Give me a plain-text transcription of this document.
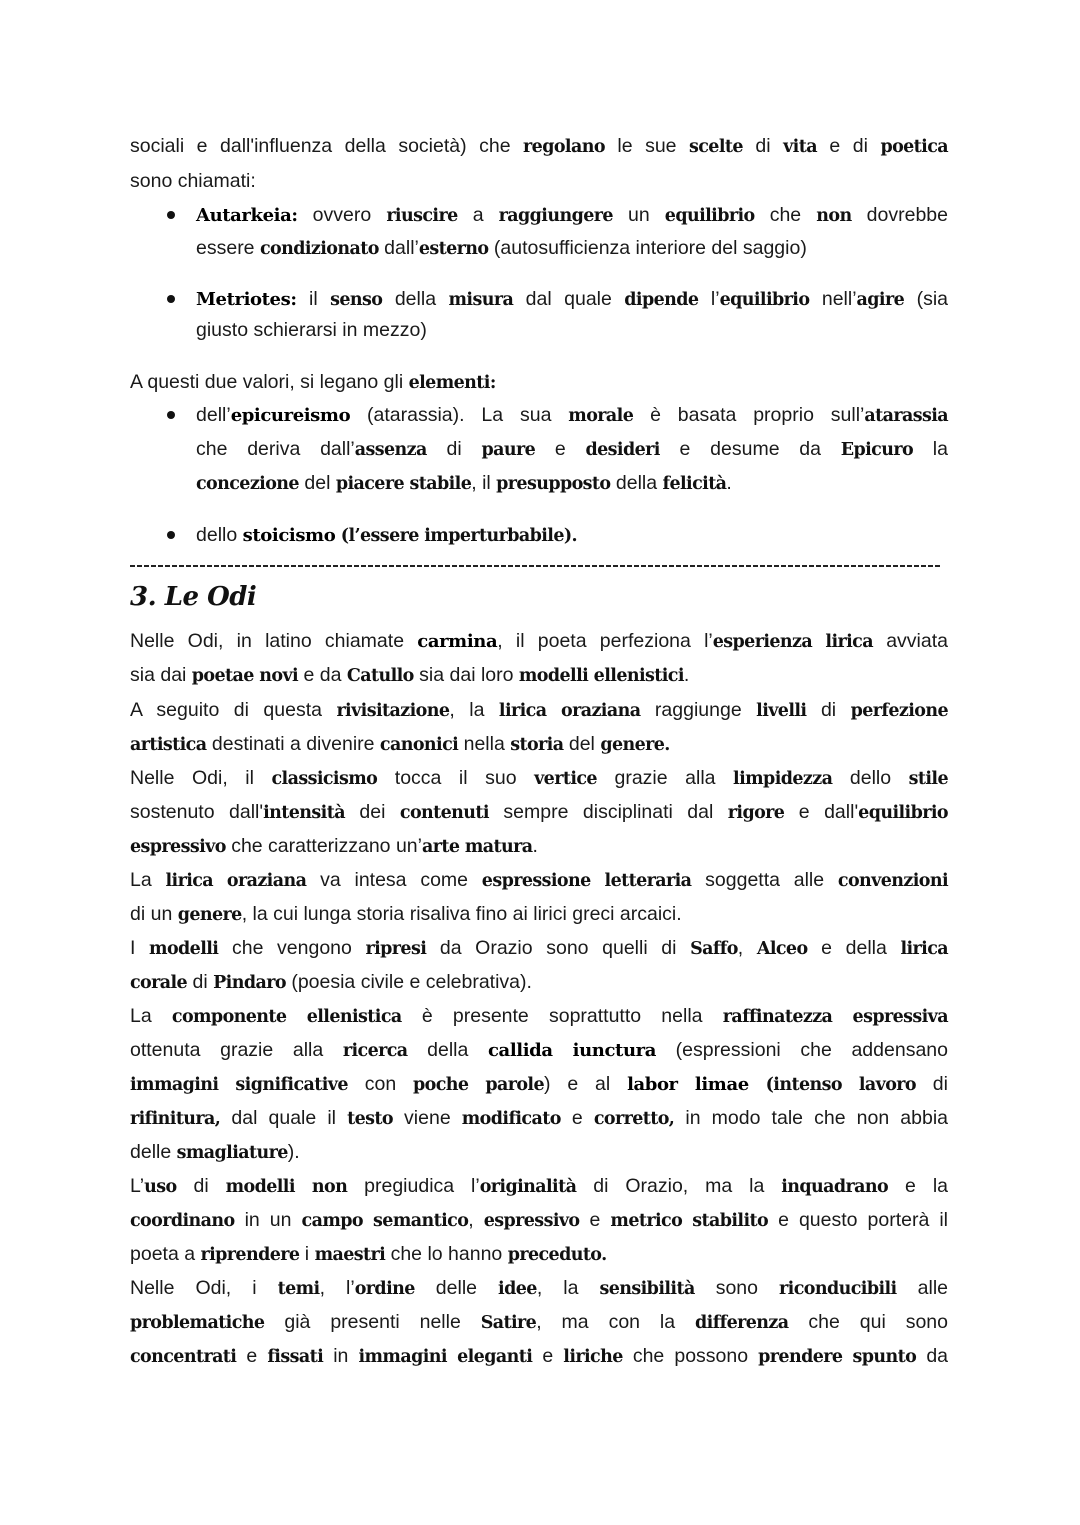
3. Le Odi
sociali e dall'influenza della società) che regolano le sue scelte di vita e di poetica
sono chiamati:
Autarkeia: ovvero riuscire a raggiungere un equilibrio che non dovrebbe
essere condizionato dall’esterno (autosufficienza interiore del saggio)
Metriotes: il senso della misura dal quale dipende l’equilibrio nell’agire (sia
giusto schierarsi in mezzo)
A questi due valori, si legano gli elementi:
dell’epicureismo (atarassia). La sua morale è basata proprio sull’atarassia
che deriva dall’assenza di paure e desideri e desume da Epicuro la
concezione del piacere stabile, il presupposto della felicità.
dello stoicismo (l’essere imperturbabile).
Nelle Odi, in latino chiamate carmina, il poeta perfeziona l’esperienza lirica avviata
sia dai poetae novi e da Catullo sia dai loro modelli ellenistici.
A seguito di questa rivisitazione, la lirica oraziana raggiunge livelli di perfezione
artistica destinati a divenire canonici nella storia del genere.
Nelle Odi, il classicismo tocca il suo vertice grazie alla limpidezza dello stile
sostenuto dall'intensità dei contenuti sempre disciplinati dal rigore e dall'equilibrio
espressivo che caratterizzano un’arte matura.
La lirica oraziana va intesa come espressione letteraria soggetta alle convenzioni
di un genere, la cui lunga storia risaliva fino ai lirici greci arcaici.
I modelli che vengono ripresi da Orazio sono quelli di Saffo, Alceo e della lirica
corale di Pindaro (poesia civile e celebrativa).
La componente ellenistica è presente soprattutto nella raffinatezza espressiva
ottenuta grazie alla ricerca della callida iunctura (espressioni che addensano
immagini significative con poche parole) e al labor limae (intenso lavoro di
rifinitura, dal quale il testo viene modificato e corretto, in modo tale che non abbia
delle smagliature).
L’uso di modelli non pregiudica l’originalità di Orazio, ma la inquadrano e la
coordinano in un campo semantico, espressivo e metrico stabilito e questo porterà il
poeta a riprendere i maestri che lo hanno preceduto.
Nelle Odi, i temi, l’ordine delle idee, la sensibilità sono riconducibili alle
problematiche già presenti nelle Satire, ma con la differenza che qui sono
concentrati e fissati in immagini eleganti e liriche che possono prendere spunto da
